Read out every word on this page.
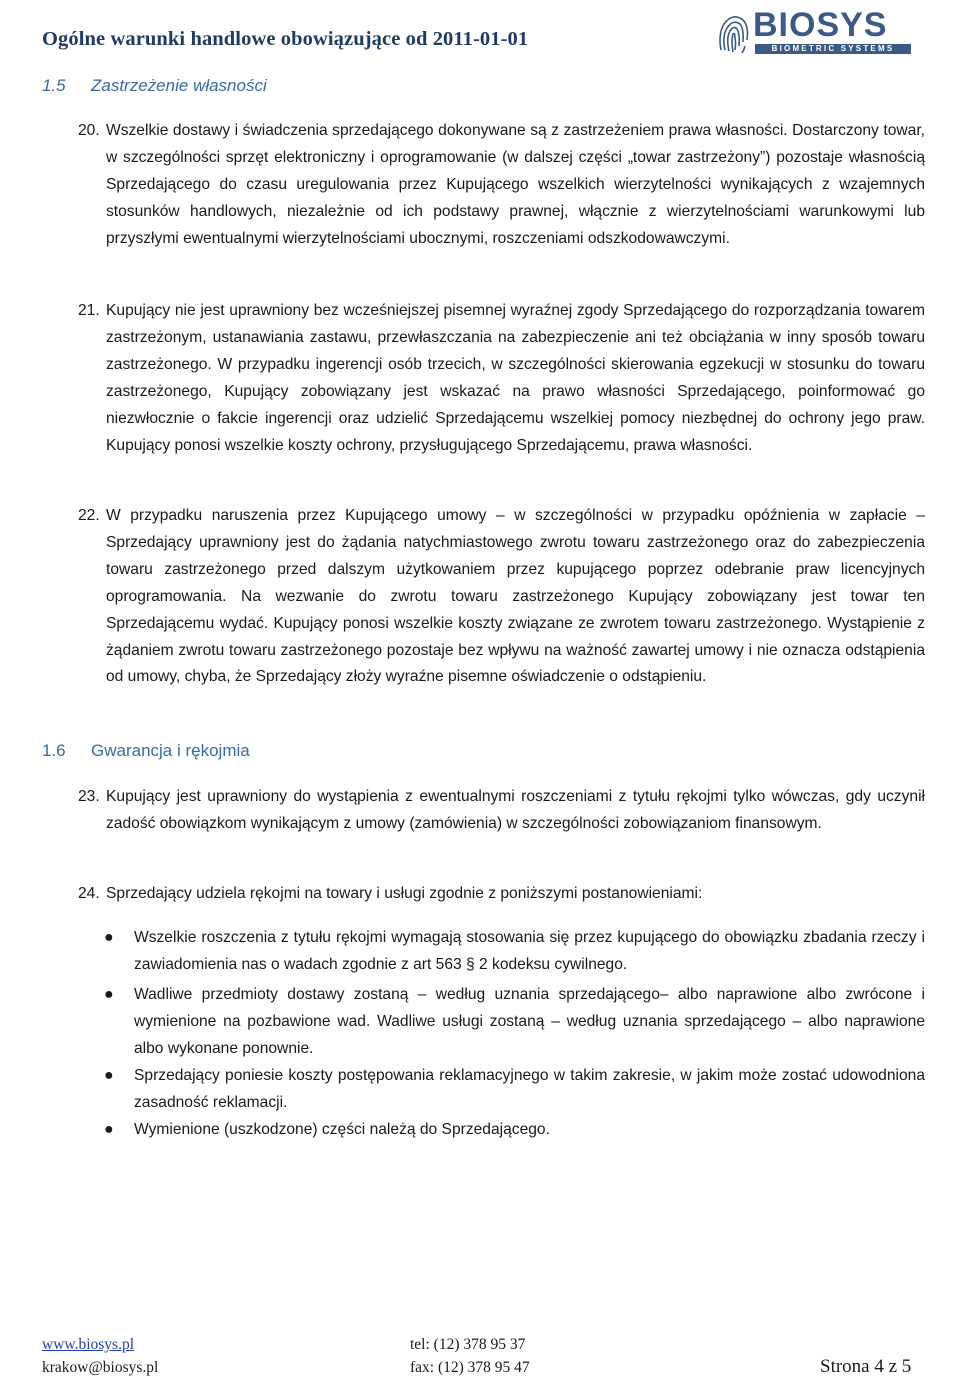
Ogólne warunki handlowe obowiązujące od 2011-01-01	BIOSYS
BIOMETRIC SYSTEMS
1.5 Zastrzeżenie własności
20. Wszelkie dostawy i świadczenia sprzedającego dokonywane są z zastrzeżeniem prawa własności. Dostarczony towar, w szczególności sprzęt elektroniczny i oprogramowanie (w dalszej części „towar zastrzeżony”) pozostaje własnością Sprzedającego do czasu uregulowania przez Kupującego wszelkich wierzytelności wynikających z wzajemnych stosunków handlowych, niezależnie od ich podstawy prawnej, włącznie z wierzytelnościami warunkowymi lub przyszłymi ewentualnymi wierzytelnościami ubocznymi, roszczeniami odszkodowawczymi.
21. Kupujący nie jest uprawniony bez wcześniejszej pisemnej wyraźnej zgody Sprzedającego do rozporządzania towarem zastrzeżonym, ustanawiania zastawu, przewłaszczania na zabezpieczenie ani też obciążania w inny sposób towaru zastrzeżonego. W przypadku ingerencji osób trzecich, w szczególności skierowania egzekucji w stosunku do towaru zastrzeżonego, Kupujący zobowiązany jest wskazać na prawo własności Sprzedającego, poinformować go niezwłocznie o fakcie ingerencji oraz udzielić Sprzedającemu wszelkiej pomocy niezbędnej do ochrony jego praw. Kupujący ponosi wszelkie koszty ochrony, przysługującego Sprzedającemu, prawa własności.
22. W przypadku naruszenia przez Kupującego umowy – w szczególności w przypadku opóźnienia w zapłacie – Sprzedający uprawniony jest do żądania natychmiastowego zwrotu towaru zastrzeżonego oraz do zabezpieczenia towaru zastrzeżonego przed dalszym użytkowaniem przez kupującego poprzez odebranie praw licencyjnych oprogramowania. Na wezwanie do zwrotu towaru zastrzeżonego Kupujący zobowiązany jest towar ten Sprzedającemu wydać. Kupujący ponosi wszelkie koszty związane ze zwrotem towaru zastrzeżonego. Wystąpienie z żądaniem zwrotu towaru zastrzeżonego pozostaje bez wpływu na ważność zawartej umowy i nie oznacza odstąpienia od umowy, chyba, że Sprzedający złoży wyraźne pisemne oświadczenie o odstąpieniu.
1.6 Gwarancja i rękojmia
23. Kupujący jest uprawniony do wystąpienia z ewentualnymi roszczeniami z tytułu rękojmi tylko wówczas, gdy uczynił zadość obowiązkom wynikającym z umowy (zamówienia) w szczególności zobowiązaniom finansowym.
24. Sprzedający udziela rękojmi na towary i usługi zgodnie z poniższymi postanowieniami:
● Wszelkie roszczenia z tytułu rękojmi wymagają stosowania się przez kupującego do obowiązku zbadania rzeczy i zawiadomienia nas o wadach zgodnie z art 563 § 2 kodeksu cywilnego.
● Wadliwe przedmioty dostawy zostaną – według uznania sprzedającego– albo naprawione albo zwrócone i wymienione na pozbawione wad. Wadliwe usługi zostaną – według uznania sprzedającego – albo naprawione albo wykonane ponownie.
● Sprzedający poniesie koszty postępowania reklamacyjnego w takim zakresie, w jakim może zostać udowodniona zasadność reklamacji.
● Wymienione (uszkodzone) części należą do Sprzedającego.
www.biosys.pl
krakow@biosys.pl
tel: (12) 378 95 37
fax: (12) 378 95 47	Strona 4 z 5
